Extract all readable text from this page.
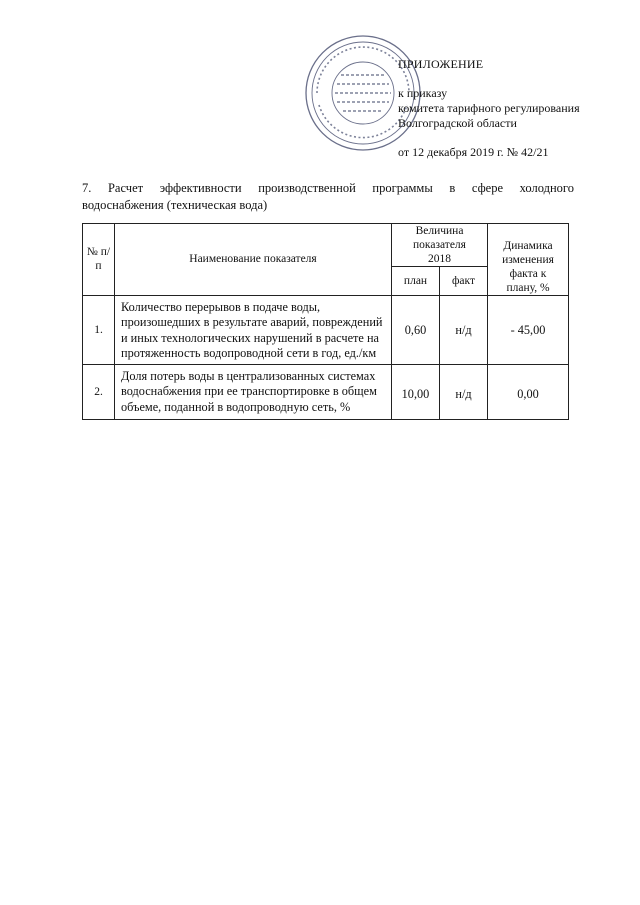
ПРИЛОЖЕНИЕ
к приказу
комитета тарифного регулирования
Волгоградской области
от 12 декабря 2019 г. № 42/21
7. Расчет эффективности производственной программы в сфере холодного
водоснабжения (техническая вода)
№ п/п	Наименование показателя	Величина показателя 2018		Динамика изменения
		план	факт	факта к плану, %
1.	Количество перерывов в подаче воды, произошедших в результате аварий, повреждений и иных технологических нарушений в расчете на протяженность водопроводной сети в год, ед./км	0,60	н/д	- 45,00
2.	Доля потерь воды в централизованных системах водоснабжения при ее транспортировке в общем объеме, поданной в водопроводную сеть, %	10,00	н/д	0,00
